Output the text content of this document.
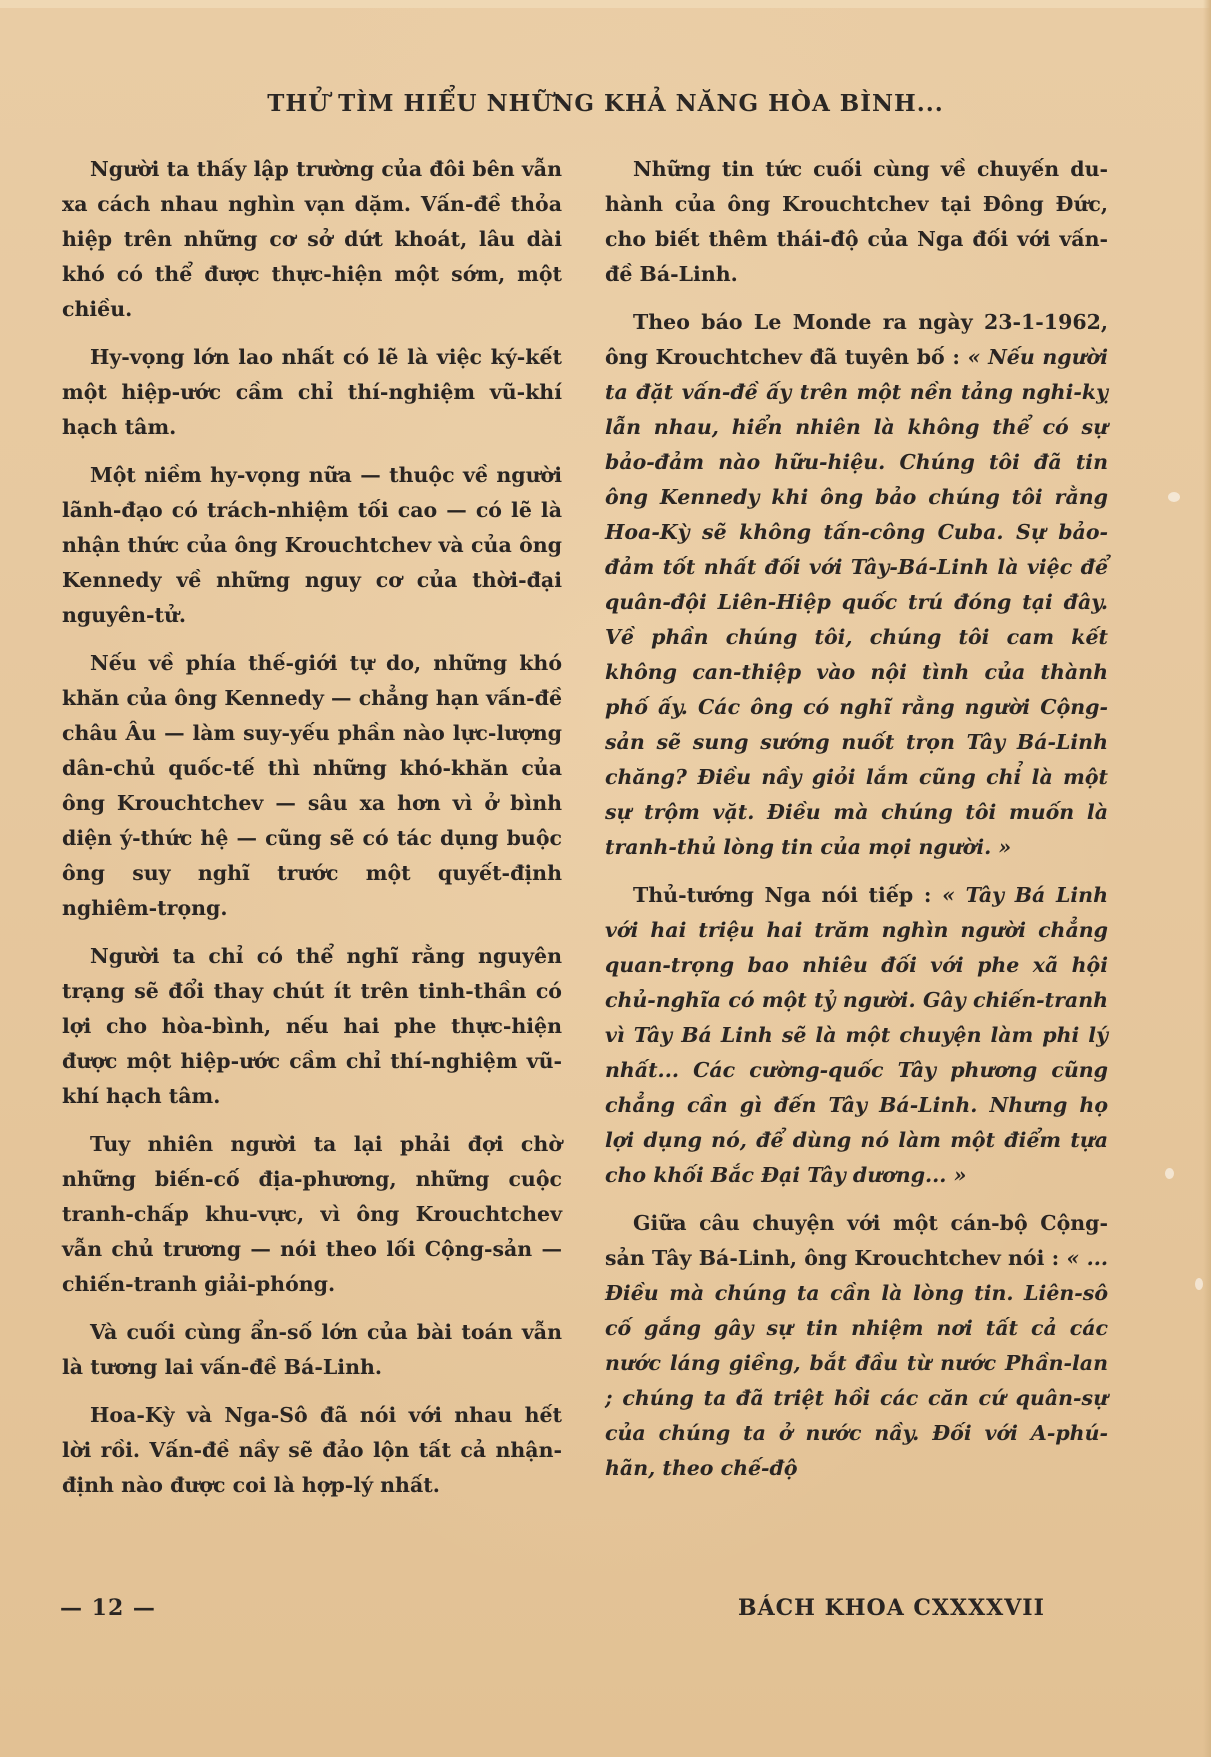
THỬ TÌM HIỂU NHỮNG KHẢ NĂNG HÒA BÌNH...

Người ta thấy lập trường của đôi bên vẫn xa cách nhau nghìn vạn dặm. Vấn-đề thỏa hiệp trên những cơ sở dứt khoát, lâu dài khó có thể được thực-hiện một sớm, một chiều.

Hy-vọng lớn lao nhất có lẽ là việc ký-kết một hiệp-ước cầm chỉ thí-nghiệm vũ-khí hạch tâm.

Một niềm hy-vọng nữa — thuộc về người lãnh-đạo có trách-nhiệm tối cao — có lẽ là nhận thức của ông Krouchtchev và của ông Kennedy về những nguy cơ của thời-đại nguyên-tử.

Nếu về phía thế-giới tự do, những khó khăn của ông Kennedy — chẳng hạn vấn-đề châu Âu — làm suy-yếu phần nào lực-lượng dân-chủ quốc-tế thì những khó-khăn của ông Krouchtchev — sâu xa hơn vì ở bình diện ý-thức hệ — cũng sẽ có tác dụng buộc ông suy nghĩ trước một quyết-định nghiêm-trọng.

Người ta chỉ có thể nghĩ rằng nguyên trạng sẽ đổi thay chút ít trên tinh-thần có lợi cho hòa-bình, nếu hai phe thực-hiện được một hiệp-ước cầm chỉ thí-nghiệm vũ-khí hạch tâm.

Tuy nhiên người ta lại phải đợi chờ những biến-cố địa-phương, những cuộc tranh-chấp khu-vực, vì ông Krouchtchev vẫn chủ trương — nói theo lối Cộng-sản — chiến-tranh giải-phóng.

Và cuối cùng ẩn-số lớn của bài toán vẫn là tương lai vấn-đề Bá-Linh.

Hoa-Kỳ và Nga-Sô đã nói với nhau hết lời rồi. Vấn-đề nầy sẽ đảo lộn tất cả nhận-định nào được coi là hợp-lý nhất.

Những tin tức cuối cùng về chuyến du-hành của ông Krouchtchev tại Đông Đức, cho biết thêm thái-độ của Nga đối với vấn-đề Bá-Linh.

Theo báo Le Monde ra ngày 23-1-1962, ông Krouchtchev đã tuyên bố : « Nếu người ta đặt vấn-đề ấy trên một nền tảng nghi-kỵ lẫn nhau, hiển nhiên là không thể có sự bảo-đảm nào hữu-hiệu. Chúng tôi đã tin ông Kennedy khi ông bảo chúng tôi rằng Hoa-Kỳ sẽ không tấn-công Cuba. Sự bảo-đảm tốt nhất đối với Tây-Bá-Linh là việc để quân-đội Liên-Hiệp quốc trú đóng tại đây. Về phần chúng tôi, chúng tôi cam kết không can-thiệp vào nội tình của thành phố ấy. Các ông có nghĩ rằng người Cộng-sản sẽ sung sướng nuốt trọn Tây Bá-Linh chăng? Điều nầy giỏi lắm cũng chỉ là một sự trộm vặt. Điều mà chúng tôi muốn là tranh-thủ lòng tin của mọi người. »

Thủ-tướng Nga nói tiếp : « Tây Bá Linh với hai triệu hai trăm nghìn người chẳng quan-trọng bao nhiêu đối với phe xã hội chủ-nghĩa có một tỷ người. Gây chiến-tranh vì Tây Bá Linh sẽ là một chuyện làm phi lý nhất... Các cường-quốc Tây phương cũng chẳng cần gì đến Tây Bá-Linh. Nhưng họ lợi dụng nó, để dùng nó làm một điểm tựa cho khối Bắc Đại Tây dương... »

Giữa câu chuyện với một cán-bộ Cộng-sản Tây Bá-Linh, ông Krouchtchev nói : « ... Điều mà chúng ta cần là lòng tin. Liên-sô cố gắng gây sự tin nhiệm nơi tất cả các nước láng giềng, bắt đầu từ nước Phần-lan ; chúng ta đã triệt hồi các căn cứ quân-sự của chúng ta ở nước nầy. Đối với A-phú-hãn, theo chế-độ

— 12 —	BÁCH KHOA CXXXXVII
